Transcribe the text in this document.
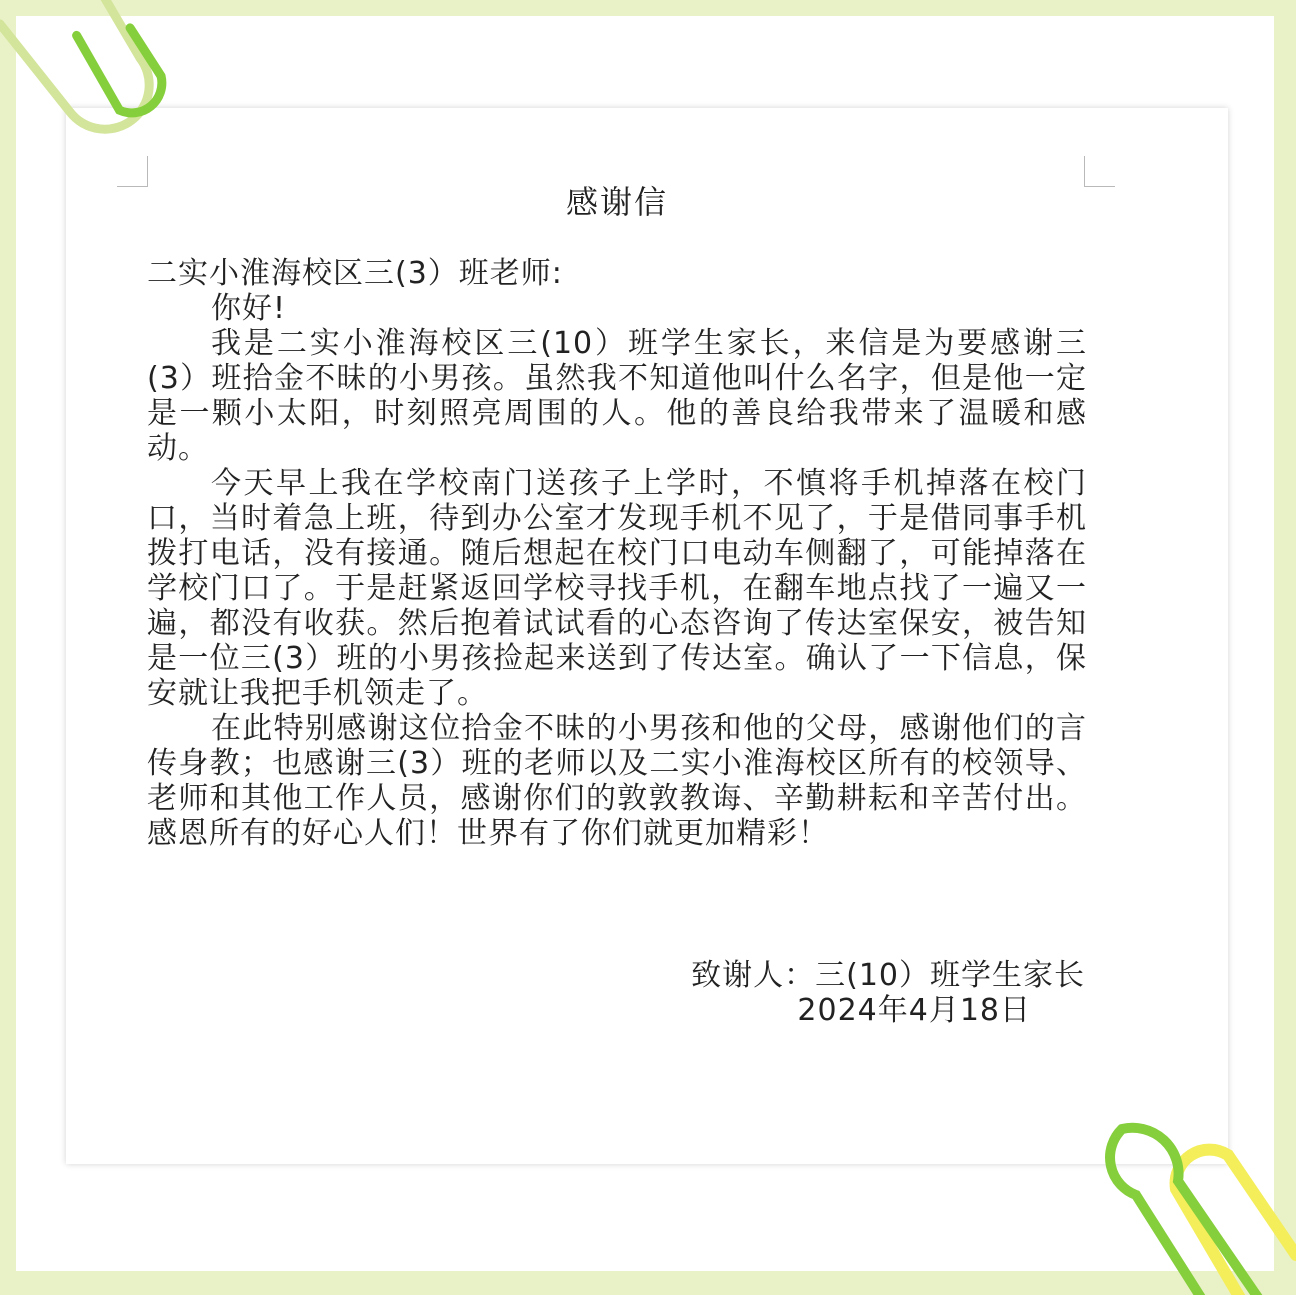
感谢信

二实小淮海校区三(3）班老师:

你好!

我是二实小淮海校区三(10）班学生家长，来信是为要感谢三(3）班拾金不昧的小男孩。虽然我不知道他叫什么名字，但是他一定是一颗小太阳，时刻照亮周围的人。他的善良给我带来了温暖和感动。

今天早上我在学校南门送孩子上学时，不慎将手机掉落在校门口，当时着急上班，待到办公室才发现手机不见了，于是借同事手机拨打电话，没有接通。随后想起在校门口电动车侧翻了，可能掉落在学校门口了。于是赶紧返回学校寻找手机，在翻车地点找了一遍又一遍，都没有收获。然后抱着试试看的心态咨询了传达室保安，被告知是一位三(3）班的小男孩捡起来送到了传达室。确认了一下信息，保安就让我把手机领走了。

在此特别感谢这位拾金不昧的小男孩和他的父母，感谢他们的言传身教；也感谢三(3）班的老师以及二实小淮海校区所有的校领导、老师和其他工作人员，感谢你们的敦敦教诲、辛勤耕耘和辛苦付出。感恩所有的好心人们！世界有了你们就更加精彩！

致谢人：三(10）班学生家长
2024年4月18日
